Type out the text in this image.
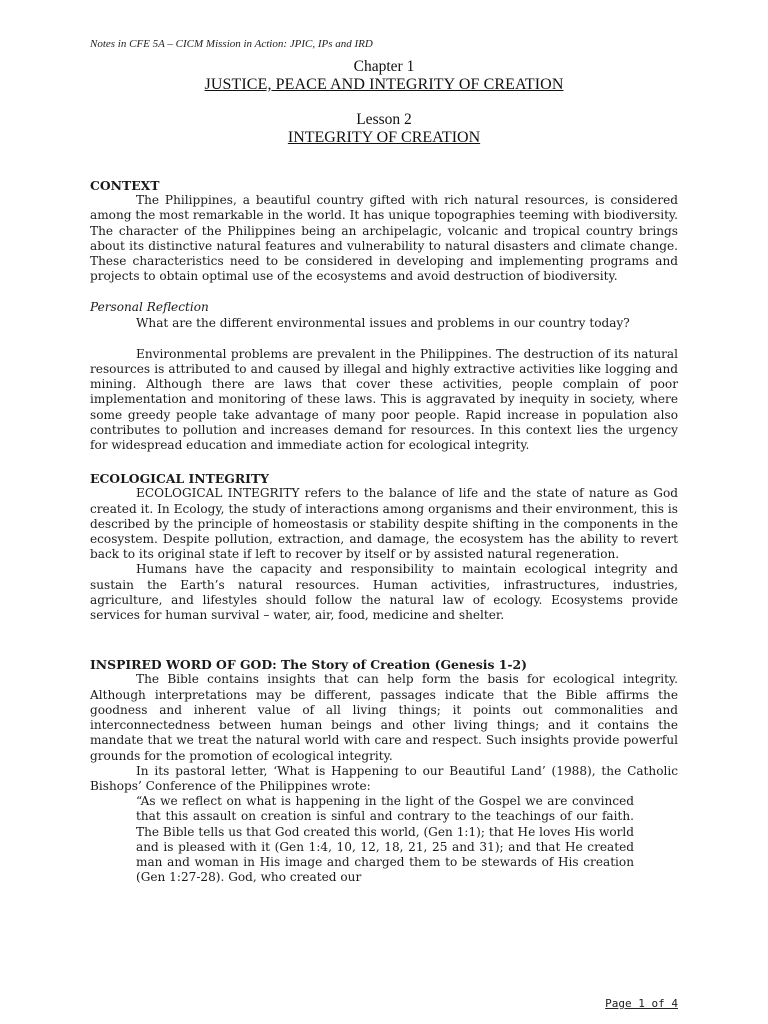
Notes in CFE 5A – CICM Mission in Action: JPIC, IPs and IRD
Chapter 1
JUSTICE, PEACE AND INTEGRITY OF CREATION
Lesson 2
INTEGRITY OF CREATION
CONTEXT

The Philippines, a beautiful country gifted with rich natural resources, is considered among the most remarkable in the world. It has unique topographies teeming with biodiversity. The character of the Philippines being an archipelagic, volcanic and tropical country brings about its distinctive natural features and vulnerability to natural disasters and climate change. These characteristics need to be considered in developing and implementing programs and projects to obtain optimal use of the ecosystems and avoid destruction of biodiversity.

Personal Reflection

What are the different environmental issues and problems in our country today?

Environmental problems are prevalent in the Philippines. The destruction of its natural resources is attributed to and caused by illegal and highly extractive activities like logging and mining. Although there are laws that cover these activities, people complain of poor implementation and monitoring of these laws. This is aggravated by inequity in society, where some greedy people take advantage of many poor people. Rapid increase in population also contributes to pollution and increases demand for resources. In this context lies the urgency for widespread education and immediate action for ecological integrity.

ECOLOGICAL INTEGRITY

ECOLOGICAL INTEGRITY refers to the balance of life and the state of nature as God created it. In Ecology, the study of interactions among organisms and their environment, this is described by the principle of homeostasis or stability despite shifting in the components in the ecosystem. Despite pollution, extraction, and damage, the ecosystem has the ability to revert back to its original state if left to recover by itself or by assisted natural regeneration.

Humans have the capacity and responsibility to maintain ecological integrity and sustain the Earth’s natural resources. Human activities, infrastructures, industries, agriculture, and lifestyles should follow the natural law of ecology. Ecosystems provide services for human survival – water, air, food, medicine and shelter.

INSPIRED WORD OF GOD: The Story of Creation (Genesis 1-2)

The Bible contains insights that can help form the basis for ecological integrity. Although interpretations may be different, passages indicate that the Bible affirms the goodness and inherent value of all living things; it points out commonalities and interconnectedness between human beings and other living things; and it contains the mandate that we treat the natural world with care and respect. Such insights provide powerful grounds for the promotion of ecological integrity.

In its pastoral letter, ‘What is Happening to our Beautiful Land’ (1988), the Catholic Bishops’ Conference of the Philippines wrote:

“As we reflect on what is happening in the light of the Gospel we are convinced that this assault on creation is sinful and contrary to the teachings of our faith. The Bible tells us that God created this world, (Gen 1:1); that He loves His world and is pleased with it (Gen 1:4, 10, 12, 18, 21, 25 and 31); and that He created man and woman in His image and charged them to be stewards of His creation (Gen 1:27-28). God, who created our

Page 1 of 4
